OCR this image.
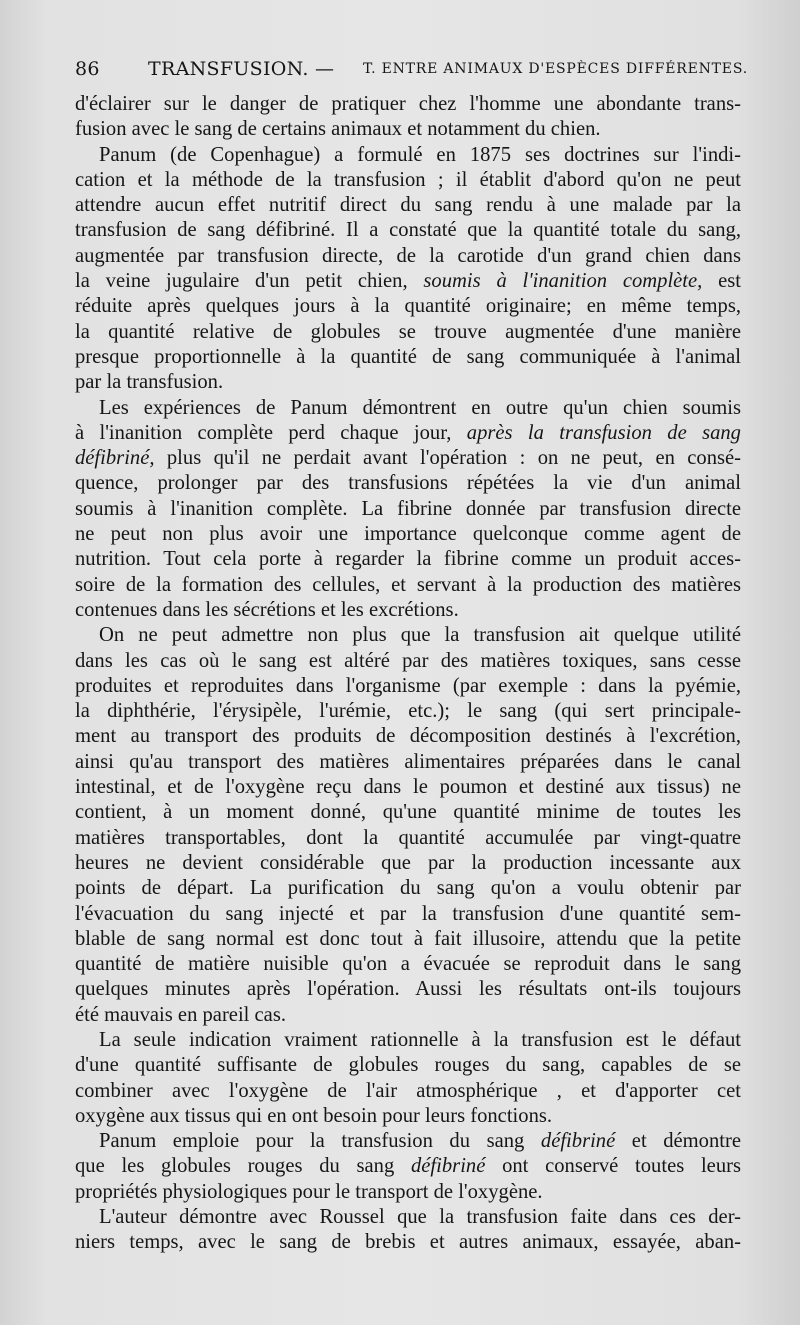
86	TRANSFUSION. — T. ENTRE ANIMAUX D'ESPÈCES DIFFÉRENTES.
d'éclairer sur le danger de pratiquer chez l'homme une abondante trans-
fusion avec le sang de certains animaux et notamment du chien.
Panum (de Copenhague) a formulé en 1875 ses doctrines sur l'indi-
cation et la méthode de la transfusion ; il établit d'abord qu'on ne peut
attendre aucun effet nutritif direct du sang rendu à une malade par la
transfusion de sang défibriné. Il a constaté que la quantité totale du sang,
augmentée par transfusion directe, de la carotide d'un grand chien dans
la veine jugulaire d'un petit chien, soumis à l'inanition complète, est
réduite après quelques jours à la quantité originaire; en même temps,
la quantité relative de globules se trouve augmentée d'une manière
presque proportionnelle à la quantité de sang communiquée à l'animal
par la transfusion.
Les expériences de Panum démontrent en outre qu'un chien soumis
à l'inanition complète perd chaque jour, après la transfusion de sang
défibriné, plus qu'il ne perdait avant l'opération : on ne peut, en consé-
quence, prolonger par des transfusions répétées la vie d'un animal
soumis à l'inanition complète. La fibrine donnée par transfusion directe
ne peut non plus avoir une importance quelconque comme agent de
nutrition. Tout cela porte à regarder la fibrine comme un produit acces-
soire de la formation des cellules, et servant à la production des matières
contenues dans les sécrétions et les excrétions.
On ne peut admettre non plus que la transfusion ait quelque utilité
dans les cas où le sang est altéré par des matières toxiques, sans cesse
produites et reproduites dans l'organisme (par exemple : dans la pyémie,
la diphthérie, l'érysipèle, l'urémie, etc.); le sang (qui sert principale-
ment au transport des produits de décomposition destinés à l'excrétion,
ainsi qu'au transport des matières alimentaires préparées dans le canal
intestinal, et de l'oxygène reçu dans le poumon et destiné aux tissus) ne
contient, à un moment donné, qu'une quantité minime de toutes les
matières transportables, dont la quantité accumulée par vingt-quatre
heures ne devient considérable que par la production incessante aux
points de départ. La purification du sang qu'on a voulu obtenir par
l'évacuation du sang injecté et par la transfusion d'une quantité sem-
blable de sang normal est donc tout à fait illusoire, attendu que la petite
quantité de matière nuisible qu'on a évacuée se reproduit dans le sang
quelques minutes après l'opération. Aussi les résultats ont-ils toujours
été mauvais en pareil cas.
La seule indication vraiment rationnelle à la transfusion est le défaut
d'une quantité suffisante de globules rouges du sang, capables de se
combiner avec l'oxygène de l'air atmosphérique , et d'apporter cet
oxygène aux tissus qui en ont besoin pour leurs fonctions.
Panum emploie pour la transfusion du sang défibriné et démontre
que les globules rouges du sang défibriné ont conservé toutes leurs
propriétés physiologiques pour le transport de l'oxygène.
L'auteur démontre avec Roussel que la transfusion faite dans ces der-
niers temps, avec le sang de brebis et autres animaux, essayée, aban-
